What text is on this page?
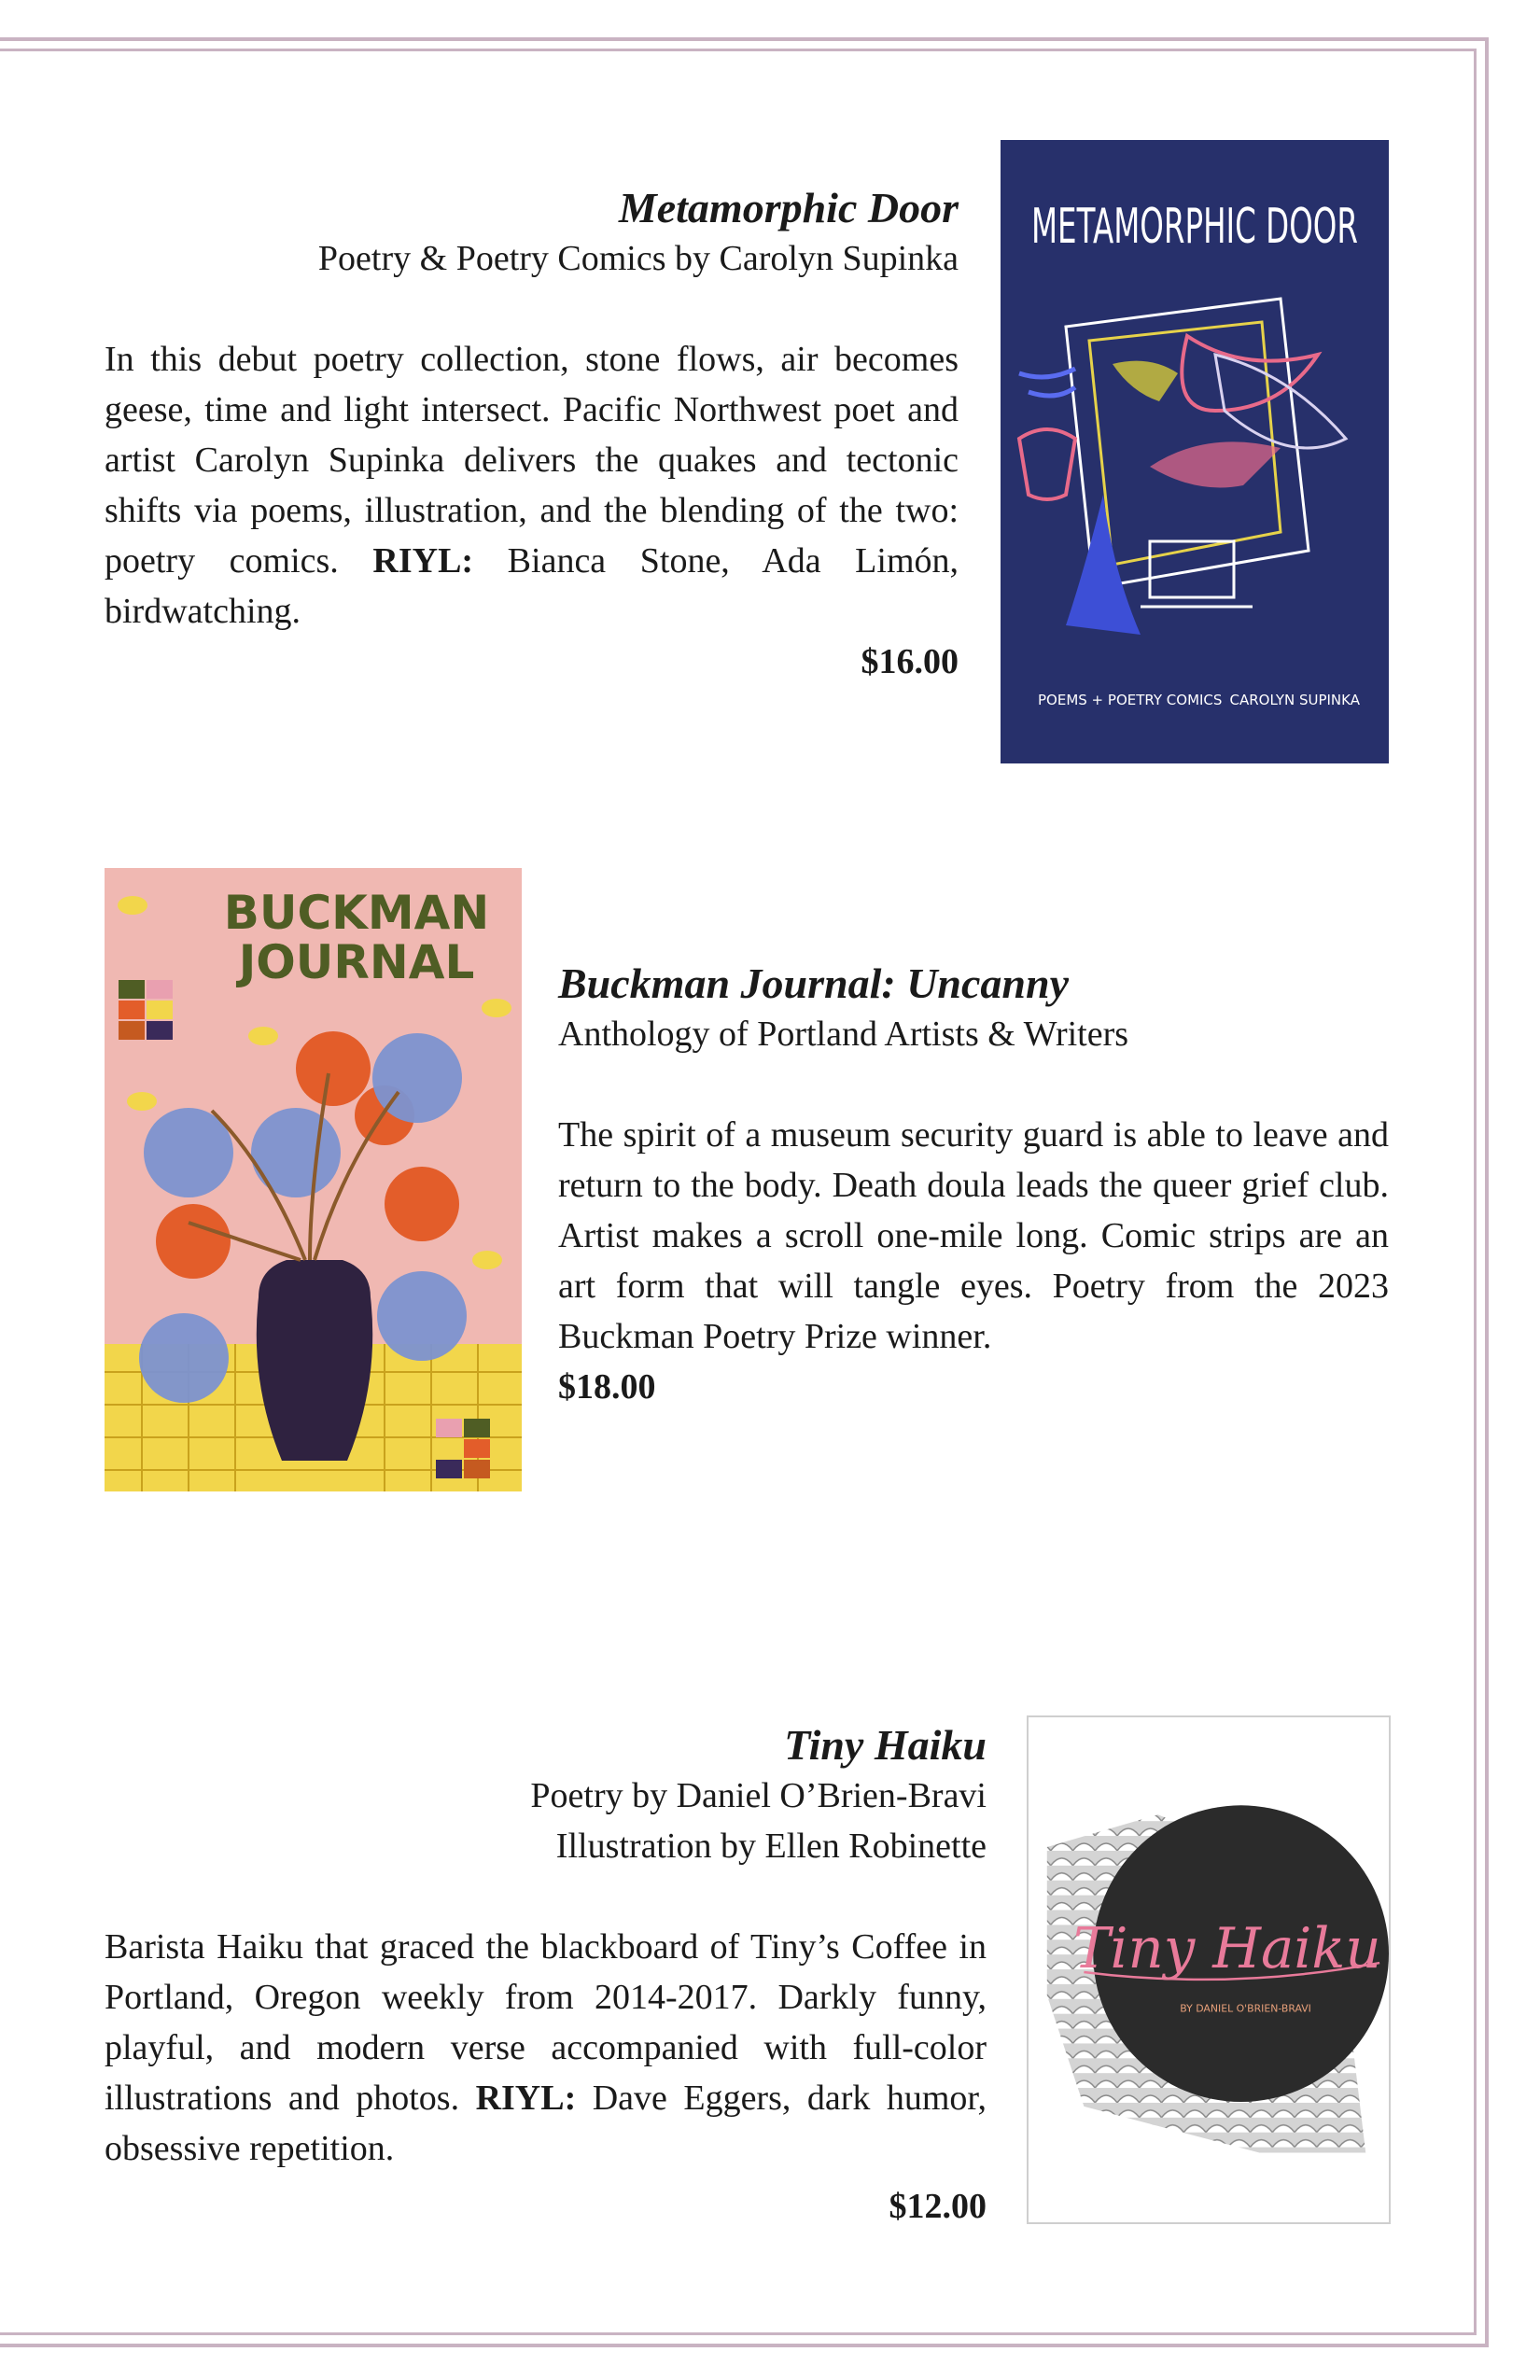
Metamorphic Door

Poetry & Poetry Comics by Carolyn Supinka

In this debut poetry collection, stone flows, air becomes geese, time and light intersect. Pacific Northwest poet and artist Carolyn Supinka delivers the quakes and tectonic shifts via poems, illustration, and the blending of the two: poetry comics. RIYL: Bianca Stone, Ada Limón, birdwatching.

$16.00

METAMORPHIC DOOR
POEMS + POETRY COMICS CAROLYN SUPINKA
BUCKMAN
JOURNAL Buckman Journal: Uncanny

Anthology of Portland Artists & Writers

The spirit of a museum security guard is able to leave and return to the body. Death doula leads the queer grief club. Artist makes a scroll one-mile long. Comic strips are an art form that will tangle eyes. Poetry from the 2023 Buckman Poetry Prize winner.

$18.00

Tiny Haiku

Poetry by Daniel O’Brien-Bravi

Illustration by Ellen Robinette

Barista Haiku that graced the blackboard of Tiny’s Coffee in Portland, Oregon weekly from 2014-2017. Darkly funny, playful, and modern verse accompanied with full-color illustrations and photos. RIYL: Dave Eggers, dark humor, obsessive repetition.

$12.00

Tiny Haiku
BY DANIEL O'BRIEN-BRAVI
